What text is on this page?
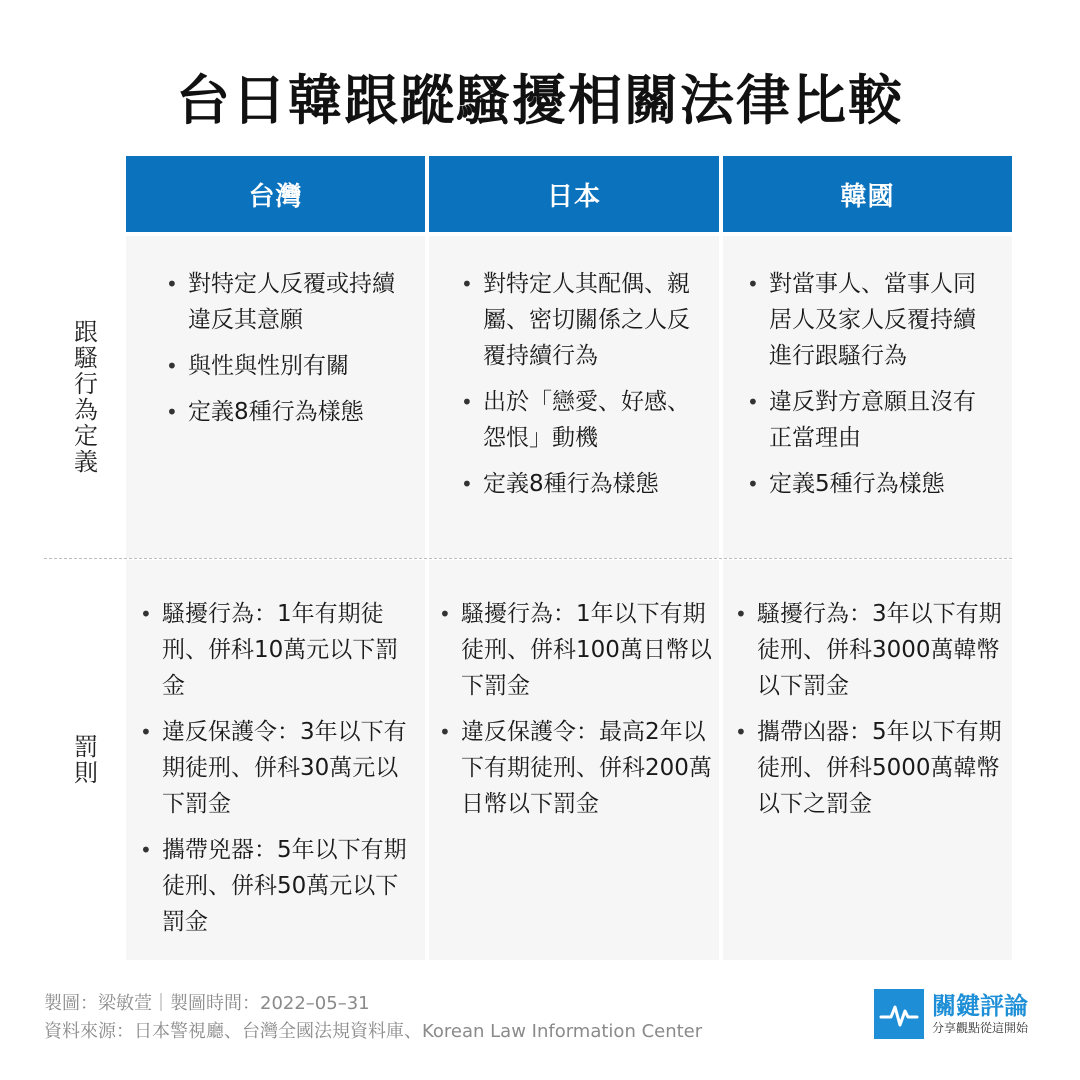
台日韓跟蹤騷擾相關法律比較
台灣	日本	韓國
跟騷行為定義
罰則
• 對特定人反覆或持續違反其意願
• 與性與性別有關
• 定義8種行為樣態
• 對特定人其配偶、親屬、密切關係之人反覆持續行為
• 出於「戀愛、好感、怨恨」動機
• 定義8種行為樣態
• 對當事人、當事人同居人及家人反覆持續進行跟騷行為
• 違反對方意願且沒有正當理由
• 定義5種行為樣態
• 騷擾行為：1年有期徒刑、併科10萬元以下罰金
• 違反保護令：3年以下有期徒刑、併科30萬元以下罰金
• 攜帶兇器：5年以下有期徒刑、併科50萬元以下罰金
• 騷擾行為：1年以下有期徒刑、併科100萬日幣以下罰金
• 違反保護令：最高2年以下有期徒刑、併科200萬日幣以下罰金
• 騷擾行為：3年以下有期徒刑、併科3000萬韓幣以下罰金
• 攜帶凶器：5年以下有期徒刑、併科5000萬韓幣以下之罰金
製圖：梁敏萱｜製圖時間：2022–05–31
資料來源：日本警視廳、台灣全國法規資料庫、Korean Law Information Center
關鍵評論
分享觀點從這開始
